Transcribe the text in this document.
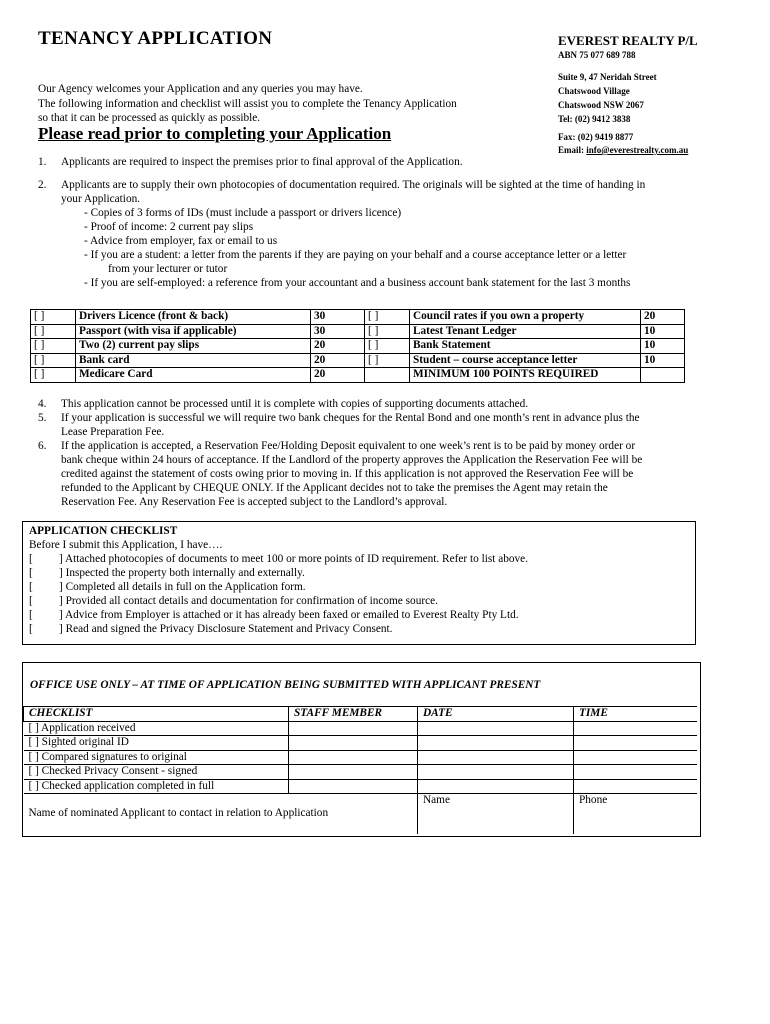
TENANCY APPLICATION	EVEREST REALTY P/L
ABN 75 077 689 788
Suite 9, 47 Neridah Street
Chatswood Village
Chatswood NSW 2067
Tel: (02) 9412 3838
Fax: (02) 9419 8877
Email: info@everestrealty.com.au
Our Agency welcomes your Application and any queries you may have.
The following information and checklist will assist you to complete the Tenancy Application
so that it can be processed as quickly as possible.
Please read prior to completing your Application
1. Applicants are required to inspect the premises prior to final approval of the Application.
2. Applicants are to supply their own photocopies of documentation required. The originals will be sighted at the time of handing in
your Application.
- Copies of 3 forms of IDs (must include a passport or drivers licence)
- Proof of income: 2 current pay slips
- Advice from employer, fax or email to us
- If you are a student: a letter from the parents if they are paying on your behalf and a course acceptance letter or a letter
from your lecturer or tutor
- If you are self-employed: a reference from your accountant and a business account bank statement for the last 3 months
[ ]	Drivers Licence (front & back)	30	[ ]	Council rates if you own a property	20
[ ]	Passport (with visa if applicable)	30	[ ]	Latest Tenant Ledger	10
[ ]	Two (2) current pay slips	20	[ ]	Bank Statement	10
[ ]	Bank card	20	[ ]	Student – course acceptance letter	10
[ ]	Medicare Card	20		MINIMUM 100 POINTS REQUIRED	
4. This application cannot be processed until it is complete with copies of supporting documents attached.
5. If your application is successful we will require two bank cheques for the Rental Bond and one month’s rent in advance plus the
Lease Preparation Fee.
6. If the application is accepted, a Reservation Fee/Holding Deposit equivalent to one week’s rent is to be paid by money order or
bank cheque within 24 hours of acceptance. If the Landlord of the property approves the Application the Reservation Fee will be
credited against the statement of costs owing prior to moving in. If this application is not approved the Reservation Fee will be
refunded to the Applicant by CHEQUE ONLY. If the Applicant decides not to take the premises the Agent may retain the
Reservation Fee. Any Reservation Fee is accepted subject to the Landlord’s approval.
APPLICATION CHECKLIST
Before I submit this Application, I have….
[ ] Attached photocopies of documents to meet 100 or more points of ID requirement. Refer to list above.
[ ] Inspected the property both internally and externally.
[ ] Completed all details in full on the Application form.
[ ] Provided all contact details and documentation for confirmation of income source.
[ ] Advice from Employer is attached or it has already been faxed or emailed to Everest Realty Pty Ltd.
[ ] Read and signed the Privacy Disclosure Statement and Privacy Consent.
OFFICE USE ONLY – AT TIME OF APPLICATION BEING SUBMITTED WITH APPLICANT PRESENT
CHECKLIST	STAFF MEMBER	DATE	TIME
[ ] Application received			
[ ] Sighted original ID			
[ ] Compared signatures to original			
[ ] Checked Privacy Consent - signed			
[ ] Checked application completed in full			
Name of nominated Applicant to contact in relation to Application		Name	Phone
